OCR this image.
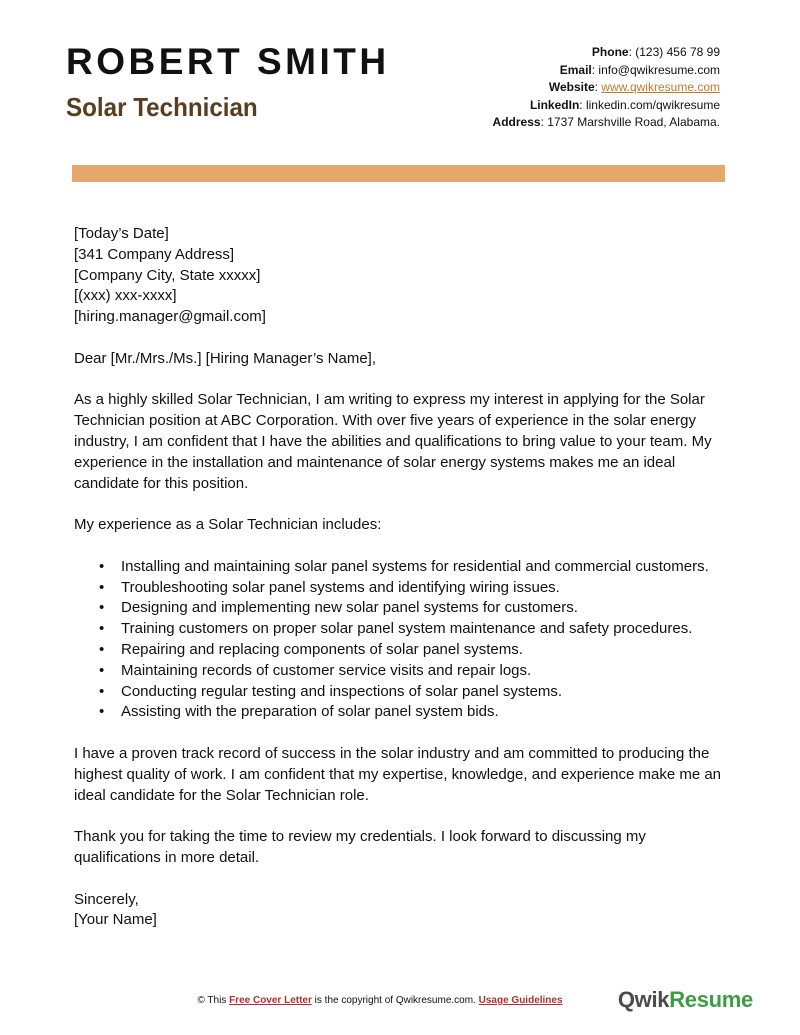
ROBERT SMITH
Solar Technician
Phone: (123) 456 78 99
Email: info@qwikresume.com
Website: www.qwikresume.com
LinkedIn: linkedin.com/qwikresume
Address: 1737 Marshville Road, Alabama.
[Today’s Date]
[341 Company Address]
[Company City, State xxxxx]
[(xxx) xxx-xxxx]
[hiring.manager@gmail.com]

Dear [Mr./Mrs./Ms.] [Hiring Manager’s Name],

As a highly skilled Solar Technician, I am writing to express my interest in applying for the Solar Technician position at ABC Corporation. With over five years of experience in the solar energy industry, I am confident that I have the abilities and qualifications to bring value to your team. My experience in the installation and maintenance of solar energy systems makes me an ideal candidate for this position.

My experience as a Solar Technician includes:

• Installing and maintaining solar panel systems for residential and commercial customers.
• Troubleshooting solar panel systems and identifying wiring issues.
• Designing and implementing new solar panel systems for customers.
• Training customers on proper solar panel system maintenance and safety procedures.
• Repairing and replacing components of solar panel systems.
• Maintaining records of customer service visits and repair logs.
• Conducting regular testing and inspections of solar panel systems.
• Assisting with the preparation of solar panel system bids.

I have a proven track record of success in the solar industry and am committed to producing the highest quality of work. I am confident that my expertise, knowledge, and experience make me an ideal candidate for the Solar Technician role.

Thank you for taking the time to review my credentials. I look forward to discussing my qualifications in more detail.

Sincerely,

[Your Name]

© This Free Cover Letter is the copyright of Qwikresume.com. Usage Guidelines	QwikResume
